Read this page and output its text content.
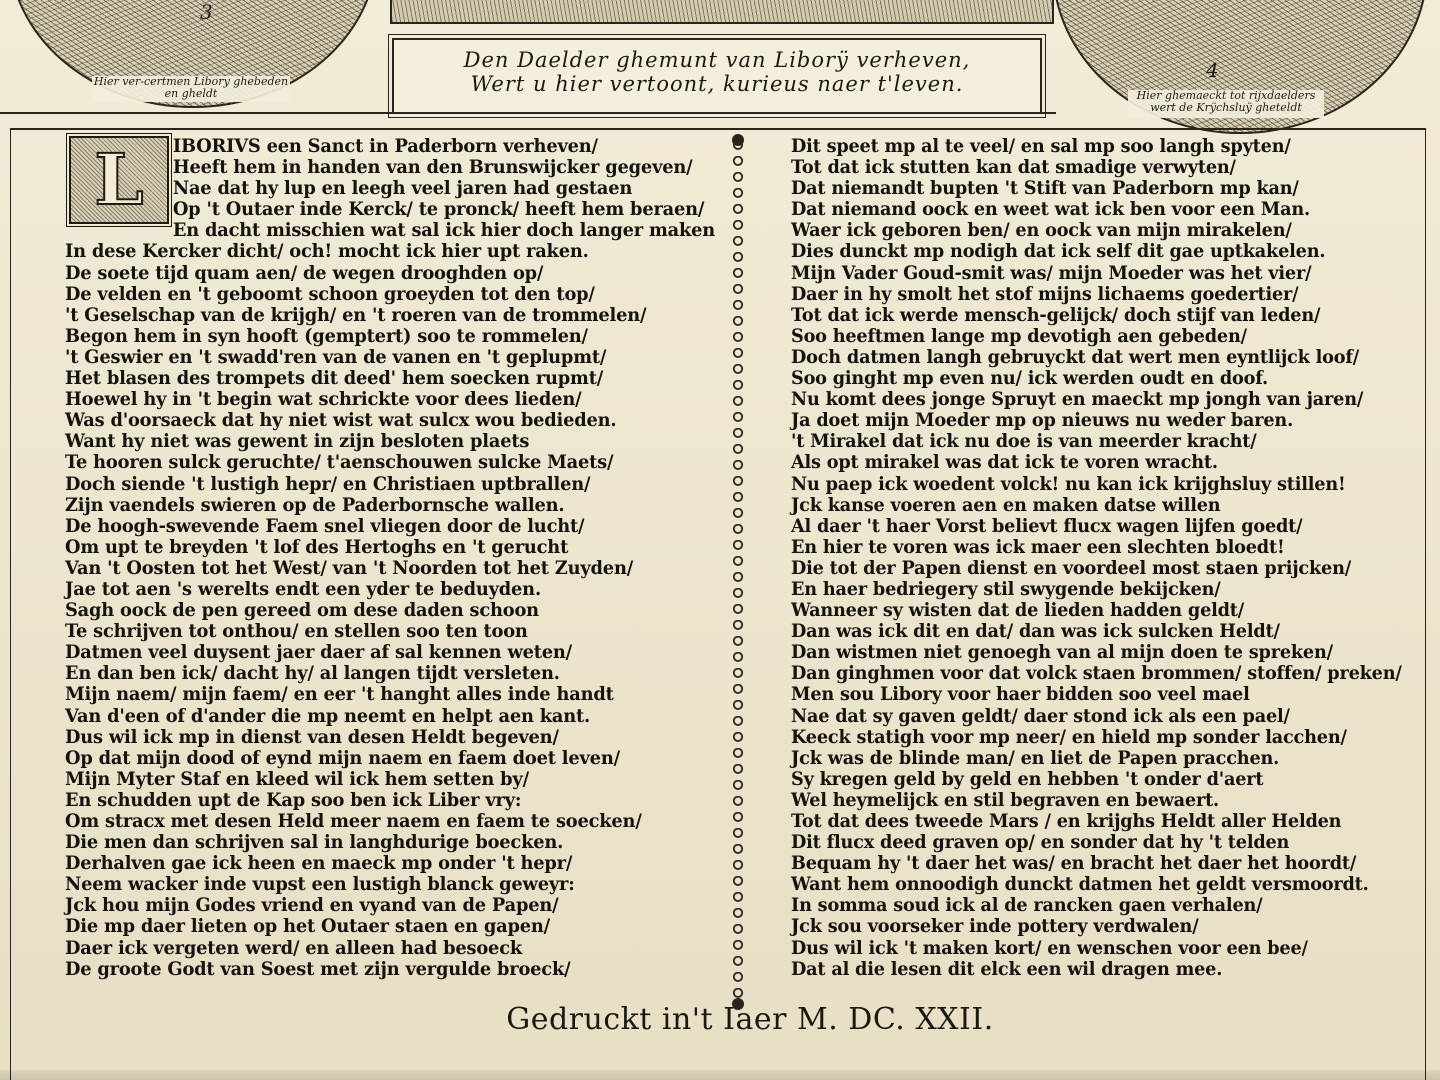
3
Hier ver-certmen Libory ghebeden en gheldt
Den Daelder ghemunt van Liborÿ verheven,
Wert u hier vertoont, kurieus naer t'leven.
4
Hier ghemaeckt tot rijxdaelders wert de Krÿchsluÿ gheteldt
L	IBORIVS een Sanct in Paderborn verheven/
Heeft hem in handen van den Brunswijcker gegeven/
Nae dat hy lup en leegh veel jaren had gestaen
Op 't Outaer inde Kerck/ te pronck/ heeft hem beraen/
En dacht misschien wat sal ick hier doch langer maken
In dese Kercker dicht/ och! mocht ick hier upt raken.
De soete tijd quam aen/ de wegen drooghden op/
De velden en 't geboomt schoon groeyden tot den top/
't Geselschap van de krijgh/ en 't roeren van de trommelen/
Begon hem in syn hooft (gemptert) soo te rommelen/
't Geswier en 't swadd'ren van de vanen en 't geplupmt/
Het blasen des trompets dit deed' hem soecken rupmt/
Hoewel hy in 't begin wat schrickte voor dees lieden/
Was d'oorsaeck dat hy niet wist wat sulcx wou bedieden.
Want hy niet was gewent in zijn besloten plaets
Te hooren sulck geruchte/ t'aenschouwen sulcke Maets/
Doch siende 't lustigh hepr/ en Christiaen uptbrallen/
Zijn vaendels swieren op de Paderbornsche wallen.
De hoogh-swevende Faem snel vliegen door de lucht/
Om upt te breyden 't lof des Hertoghs en 't gerucht
Van 't Oosten tot het West/ van 't Noorden tot het Zuyden/
Jae tot aen 's werelts endt een yder te beduyden.
Sagh oock de pen gereed om dese daden schoon
Te schrijven tot onthou/ en stellen soo ten toon
Datmen veel duysent jaer daer af sal kennen weten/
En dan ben ick/ dacht hy/ al langen tijdt versleten.
Mijn naem/ mijn faem/ en eer 't hanght alles inde handt
Van d'een of d'ander die mp neemt en helpt aen kant.
Dus wil ick mp in dienst van desen Heldt begeven/
Op dat mijn dood of eynd mijn naem en faem doet leven/
Mijn Myter Staf en kleed wil ick hem setten by/
En schudden upt de Kap soo ben ick Liber vry:
Om stracx met desen Held meer naem en faem te soecken/
Die men dan schrijven sal in langhdurige boecken.
Derhalven gae ick heen en maeck mp onder 't hepr/
Neem wacker inde vupst een lustigh blanck geweyr:
Jck hou mijn Godes vriend en vyand van de Papen/
Die mp daer lieten op het Outaer staen en gapen/
Daer ick vergeten werd/ en alleen had besoeck
De groote Godt van Soest met zijn verguldе broeck/
Dit speet mp al te veel/ en sal mp soo langh spyten/
Tot dat ick stutten kan dat smadige verwyten/
Dat niemandt bupten 't Stift van Paderborn mp kan/
Dat niemand oock en weet wat ick ben voor een Man.
Waer ick geboren ben/ en oock van mijn mirakelen/
Dies dunckt mp nodigh dat ick self dit gae uptkakelen.
Mijn Vader Goud-smit was/ mijn Moeder was het vier/
Daer in hy smolt het stof mijns lichaems goedertier/
Tot dat ick werde mensch-gelijck/ doch stijf van leden/
Soo heeftmen lange mp devotigh aen gebeden/
Doch datmen langh gebruyckt dat wert men eyntlijck loof/
Soo ginght mp even nu/ ick werden oudt en doof.
Nu komt dees jonge Spruyt en maeckt mp jongh van jaren/
Ja doet mijn Moeder mp op nieuws nu weder baren.
't Mirakel dat ick nu doe is van meerder kracht/
Als opt mirakel was dat ick te voren wracht.
Nu paep ick woedent volck! nu kan ick krijghsluy stillen!
Jck kanse voeren aen en maken datse willen
Al daer 't haer Vorst believt flucx wagen lijfen goedt/
En hier te voren was ick maer een slechten bloedt!
Die tot der Papen dienst en voordeel most staen prijcken/
En haer bedriegery stil swygende bekijcken/
Wanneer sy wisten dat de lieden hadden geldt/
Dan was ick dit en dat/ dan was ick sulcken Heldt/
Dan wistmen niet genoegh van al mijn doen te spreken/
Dan ginghmen voor dat volck staen brommen/ stoffen/ preken/
Men sou Libory voor haer bidden soo veel mael
Nae dat sy gaven geldt/ daer stond ick als een pael/
Keeck statigh voor mp neer/ en hield mp sonder lacchen/
Jck was de blinde man/ en liet de Papen pracchen.
Sy kregen geld by geld en hebben 't onder d'aert
Wel heymelijck en stil begraven en bewaert.
Tot dat dees tweede Mars / en krijghs Heldt aller Helden
Dit flucx deed graven op/ en sonder dat hy 't telden
Bequam hy 't daer het was/ en bracht het daer het hoordt/
Want hem onnoodigh dunckt datmen het geldt versmoordt.
In somma soud ick al de rancken gaen verhalen/
Jck sou voorseker inde pottery verdwalen/
Dus wil ick 't maken kort/ en wenschen voor een bee/
Dat al die lesen dit elck een wil dragen mee.
Gedruckt in't Iaer M. DC. XXII.
